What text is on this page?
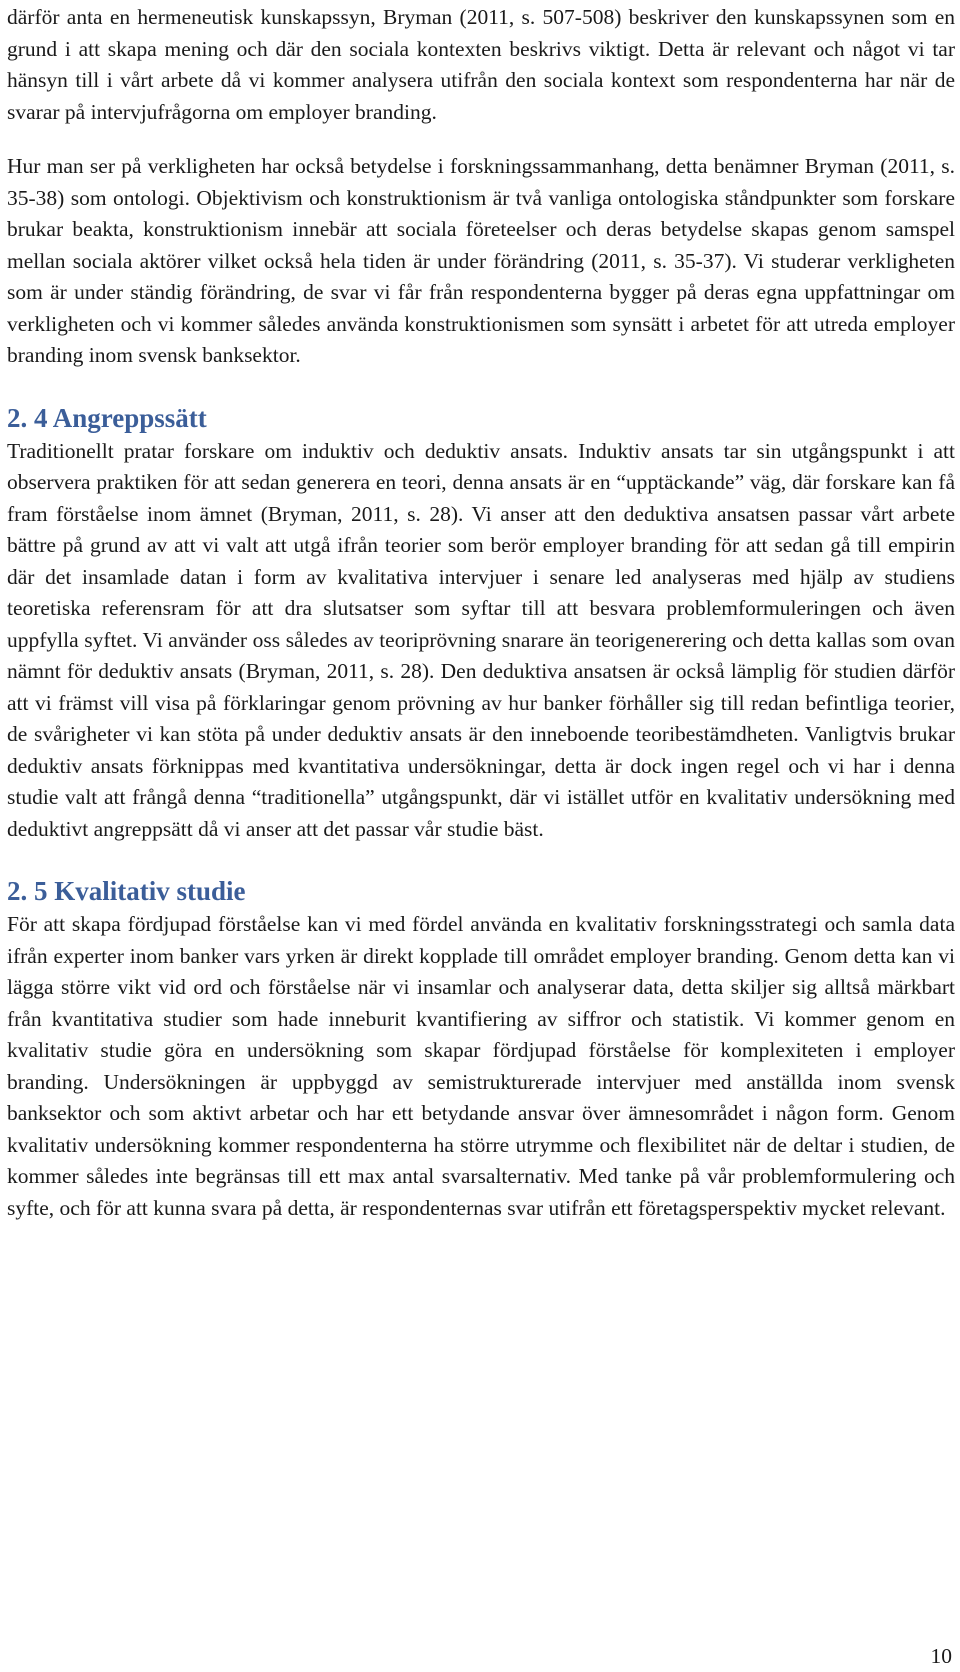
därför anta en hermeneutisk kunskapssyn, Bryman (2011, s. 507-508) beskriver den kunskapssynen som en grund i att skapa mening och där den sociala kontexten beskrivs viktigt. Detta är relevant och något vi tar hänsyn till i vårt arbete då vi kommer analysera utifrån den sociala kontext som respondenterna har när de svarar på intervjufrågorna om employer branding.

Hur man ser på verkligheten har också betydelse i forskningssammanhang, detta benämner Bryman (2011, s. 35-38) som ontologi. Objektivism och konstruktionism är två vanliga ontologiska ståndpunkter som forskare brukar beakta, konstruktionism innebär att sociala företeelser och deras betydelse skapas genom samspel mellan sociala aktörer vilket också hela tiden är under förändring (2011, s. 35-37). Vi studerar verkligheten som är under ständig förändring, de svar vi får från respondenterna bygger på deras egna uppfattningar om verkligheten och vi kommer således använda konstruktionismen som synsätt i arbetet för att utreda employer branding inom svensk banksektor.

2. 4 Angreppssätt

Traditionellt pratar forskare om induktiv och deduktiv ansats. Induktiv ansats tar sin utgångspunkt i att observera praktiken för att sedan generera en teori, denna ansats är en “upptäckande” väg, där forskare kan få fram förståelse inom ämnet (Bryman, 2011, s. 28). Vi anser att den deduktiva ansatsen passar vårt arbete bättre på grund av att vi valt att utgå ifrån teorier som berör employer branding för att sedan gå till empirin där det insamlade datan i form av kvalitativa intervjuer i senare led analyseras med hjälp av studiens teoretiska referensram för att dra slutsatser som syftar till att besvara problemformuleringen och även uppfylla syftet. Vi använder oss således av teoriprövning snarare än teorigenerering och detta kallas som ovan nämnt för deduktiv ansats (Bryman, 2011, s. 28). Den deduktiva ansatsen är också lämplig för studien därför att vi främst vill visa på förklaringar genom prövning av hur banker förhåller sig till redan befintliga teorier, de svårigheter vi kan stöta på under deduktiv ansats är den inneboende teoribestämdheten. Vanligtvis brukar deduktiv ansats förknippas med kvantitativa undersökningar, detta är dock ingen regel och vi har i denna studie valt att frångå denna “traditionella” utgångspunkt, där vi istället utför en kvalitativ undersökning med deduktivt angreppsätt då vi anser att det passar vår studie bäst.

2. 5 Kvalitativ studie

För att skapa fördjupad förståelse kan vi med fördel använda en kvalitativ forskningsstrategi och samla data ifrån experter inom banker vars yrken är direkt kopplade till området employer branding. Genom detta kan vi lägga större vikt vid ord och förståelse när vi insamlar och analyserar data, detta skiljer sig alltså märkbart från kvantitativa studier som hade inneburit kvantifiering av siffror och statistik. Vi kommer genom en kvalitativ studie göra en undersökning som skapar fördjupad förståelse för komplexiteten i employer branding. Undersökningen är uppbyggd av semistrukturerade intervjuer med anställda inom svensk banksektor och som aktivt arbetar och har ett betydande ansvar över ämnesområdet i någon form. Genom kvalitativ undersökning kommer respondenterna ha större utrymme och flexibilitet när de deltar i studien, de kommer således inte begränsas till ett max antal svarsalternativ. Med tanke på vår problemformulering och syfte, och för att kunna svara på detta, är respondenternas svar utifrån ett företagsperspektiv mycket relevant.

10
